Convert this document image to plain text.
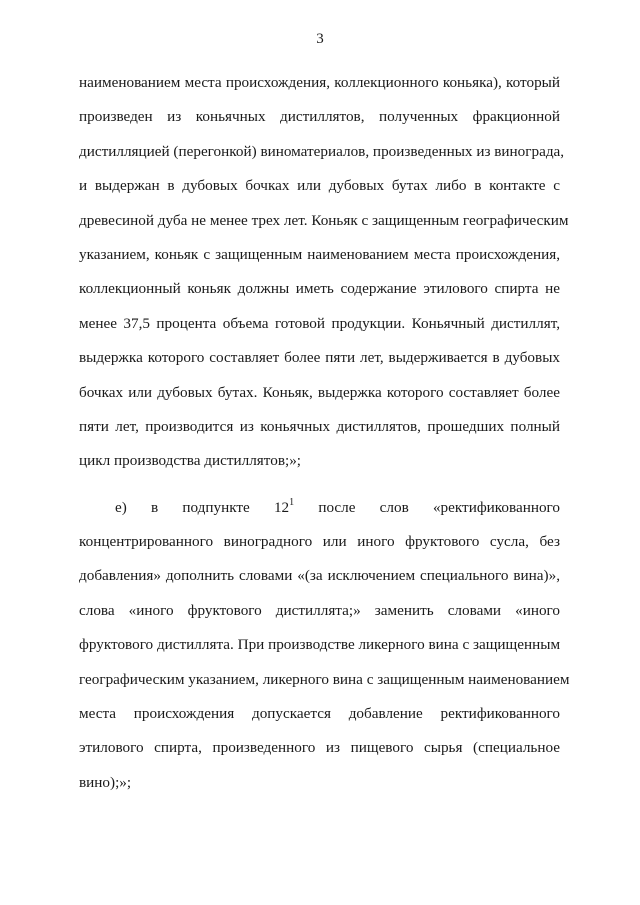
3
наименованием места происхождения, коллекционного коньяка), который
произведен из коньячных дистиллятов, полученных фракционной
дистилляцией (перегонкой) виноматериалов, произведенных из винограда,
и выдержан в дубовых бочках или дубовых бутах либо в контакте с
древесиной дуба не менее трех лет. Коньяк с защищенным географическим
указанием, коньяк с защищенным наименованием места происхождения,
коллекционный коньяк должны иметь содержание этилового спирта не
менее 37,5 процента объема готовой продукции. Коньячный дистиллят,
выдержка которого составляет более пяти лет, выдерживается в дубовых
бочках или дубовых бутах. Коньяк, выдержка которого составляет более
пяти лет, производится из коньячных дистиллятов, прошедших полный
цикл производства дистиллятов;»;
е) в подпункте $12^1$ после слов «ректификованного
концентрированного виноградного или иного фруктового сусла, без
добавления» дополнить словами «(за исключением специального вина)»,
слова «иного фруктового дистиллята;» заменить словами «иного
фруктового дистиллята. При производстве ликерного вина с защищенным
географическим указанием, ликерного вина с защищенным наименованием
места происхождения допускается добавление ректификованного
этилового спирта, произведенного из пищевого сырья (специальное
вино);»;
